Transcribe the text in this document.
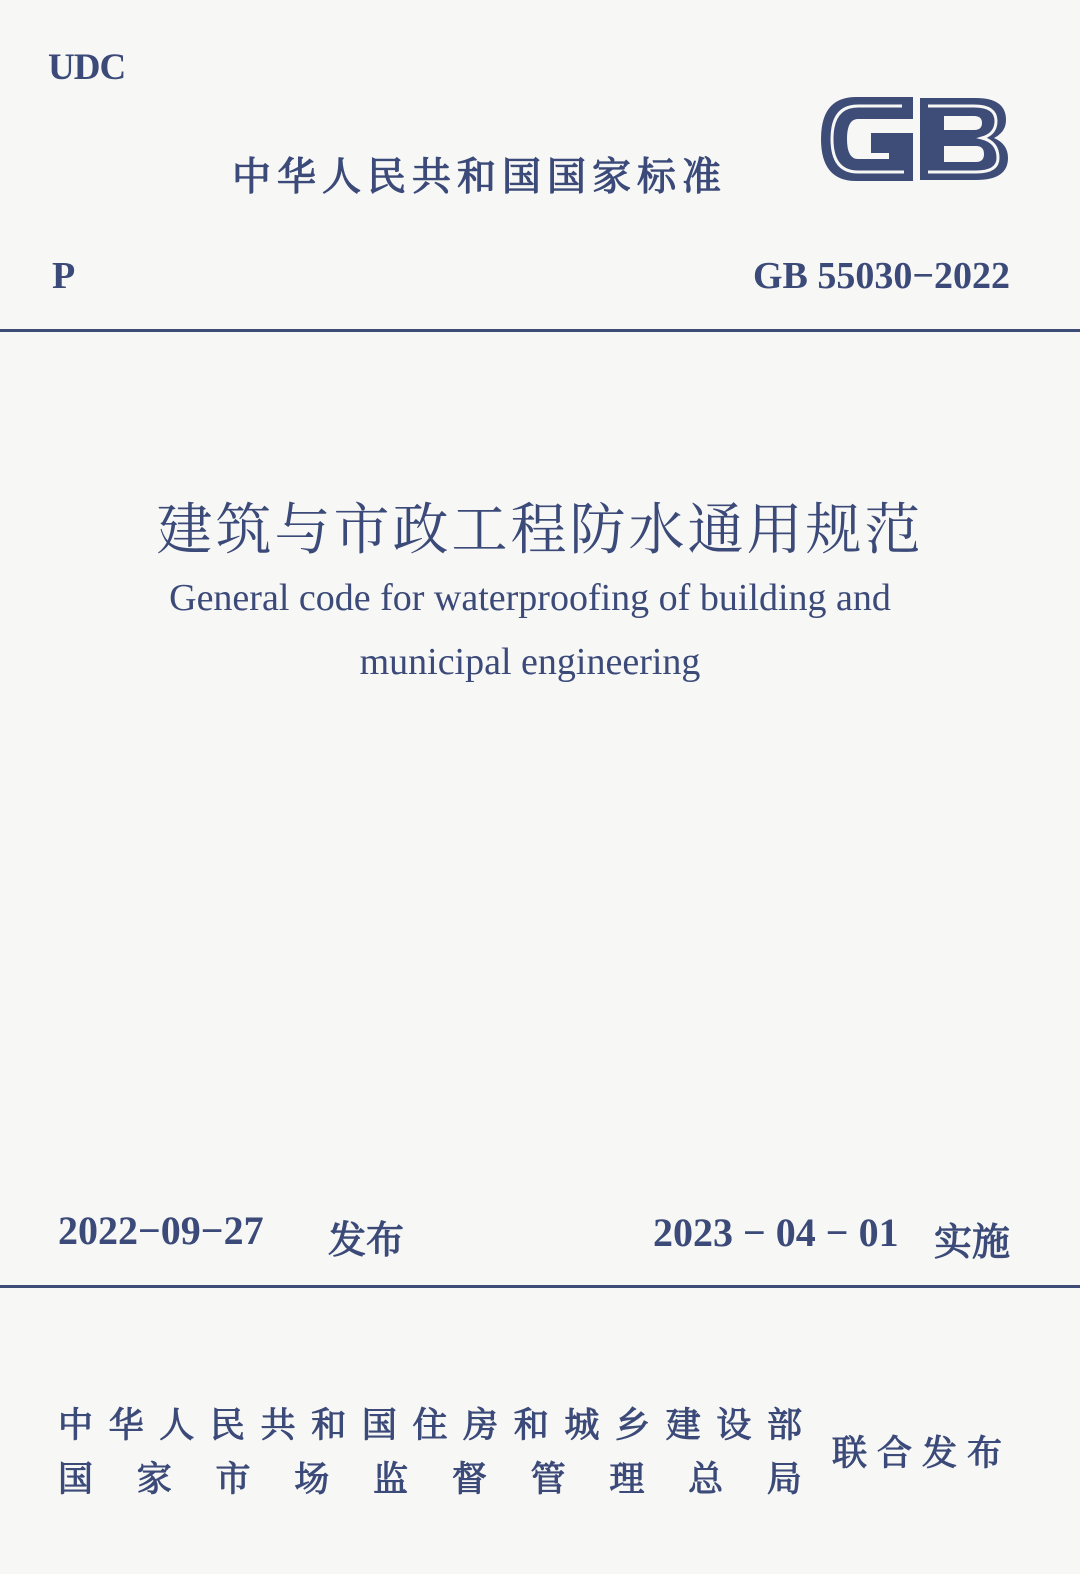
UDC
中华人民共和国国家标准
P	GB 55030−2022
建筑与市政工程防水通用规范
General code for waterproofing of building and
municipal engineering
2022−09−27 发布	2023 − 04 − 01 实施
中 华 人 民 共 和 国 住 房 和 城 乡 建 设 部
国 家 市 场 监 督 管 理 总 局
联合发布
